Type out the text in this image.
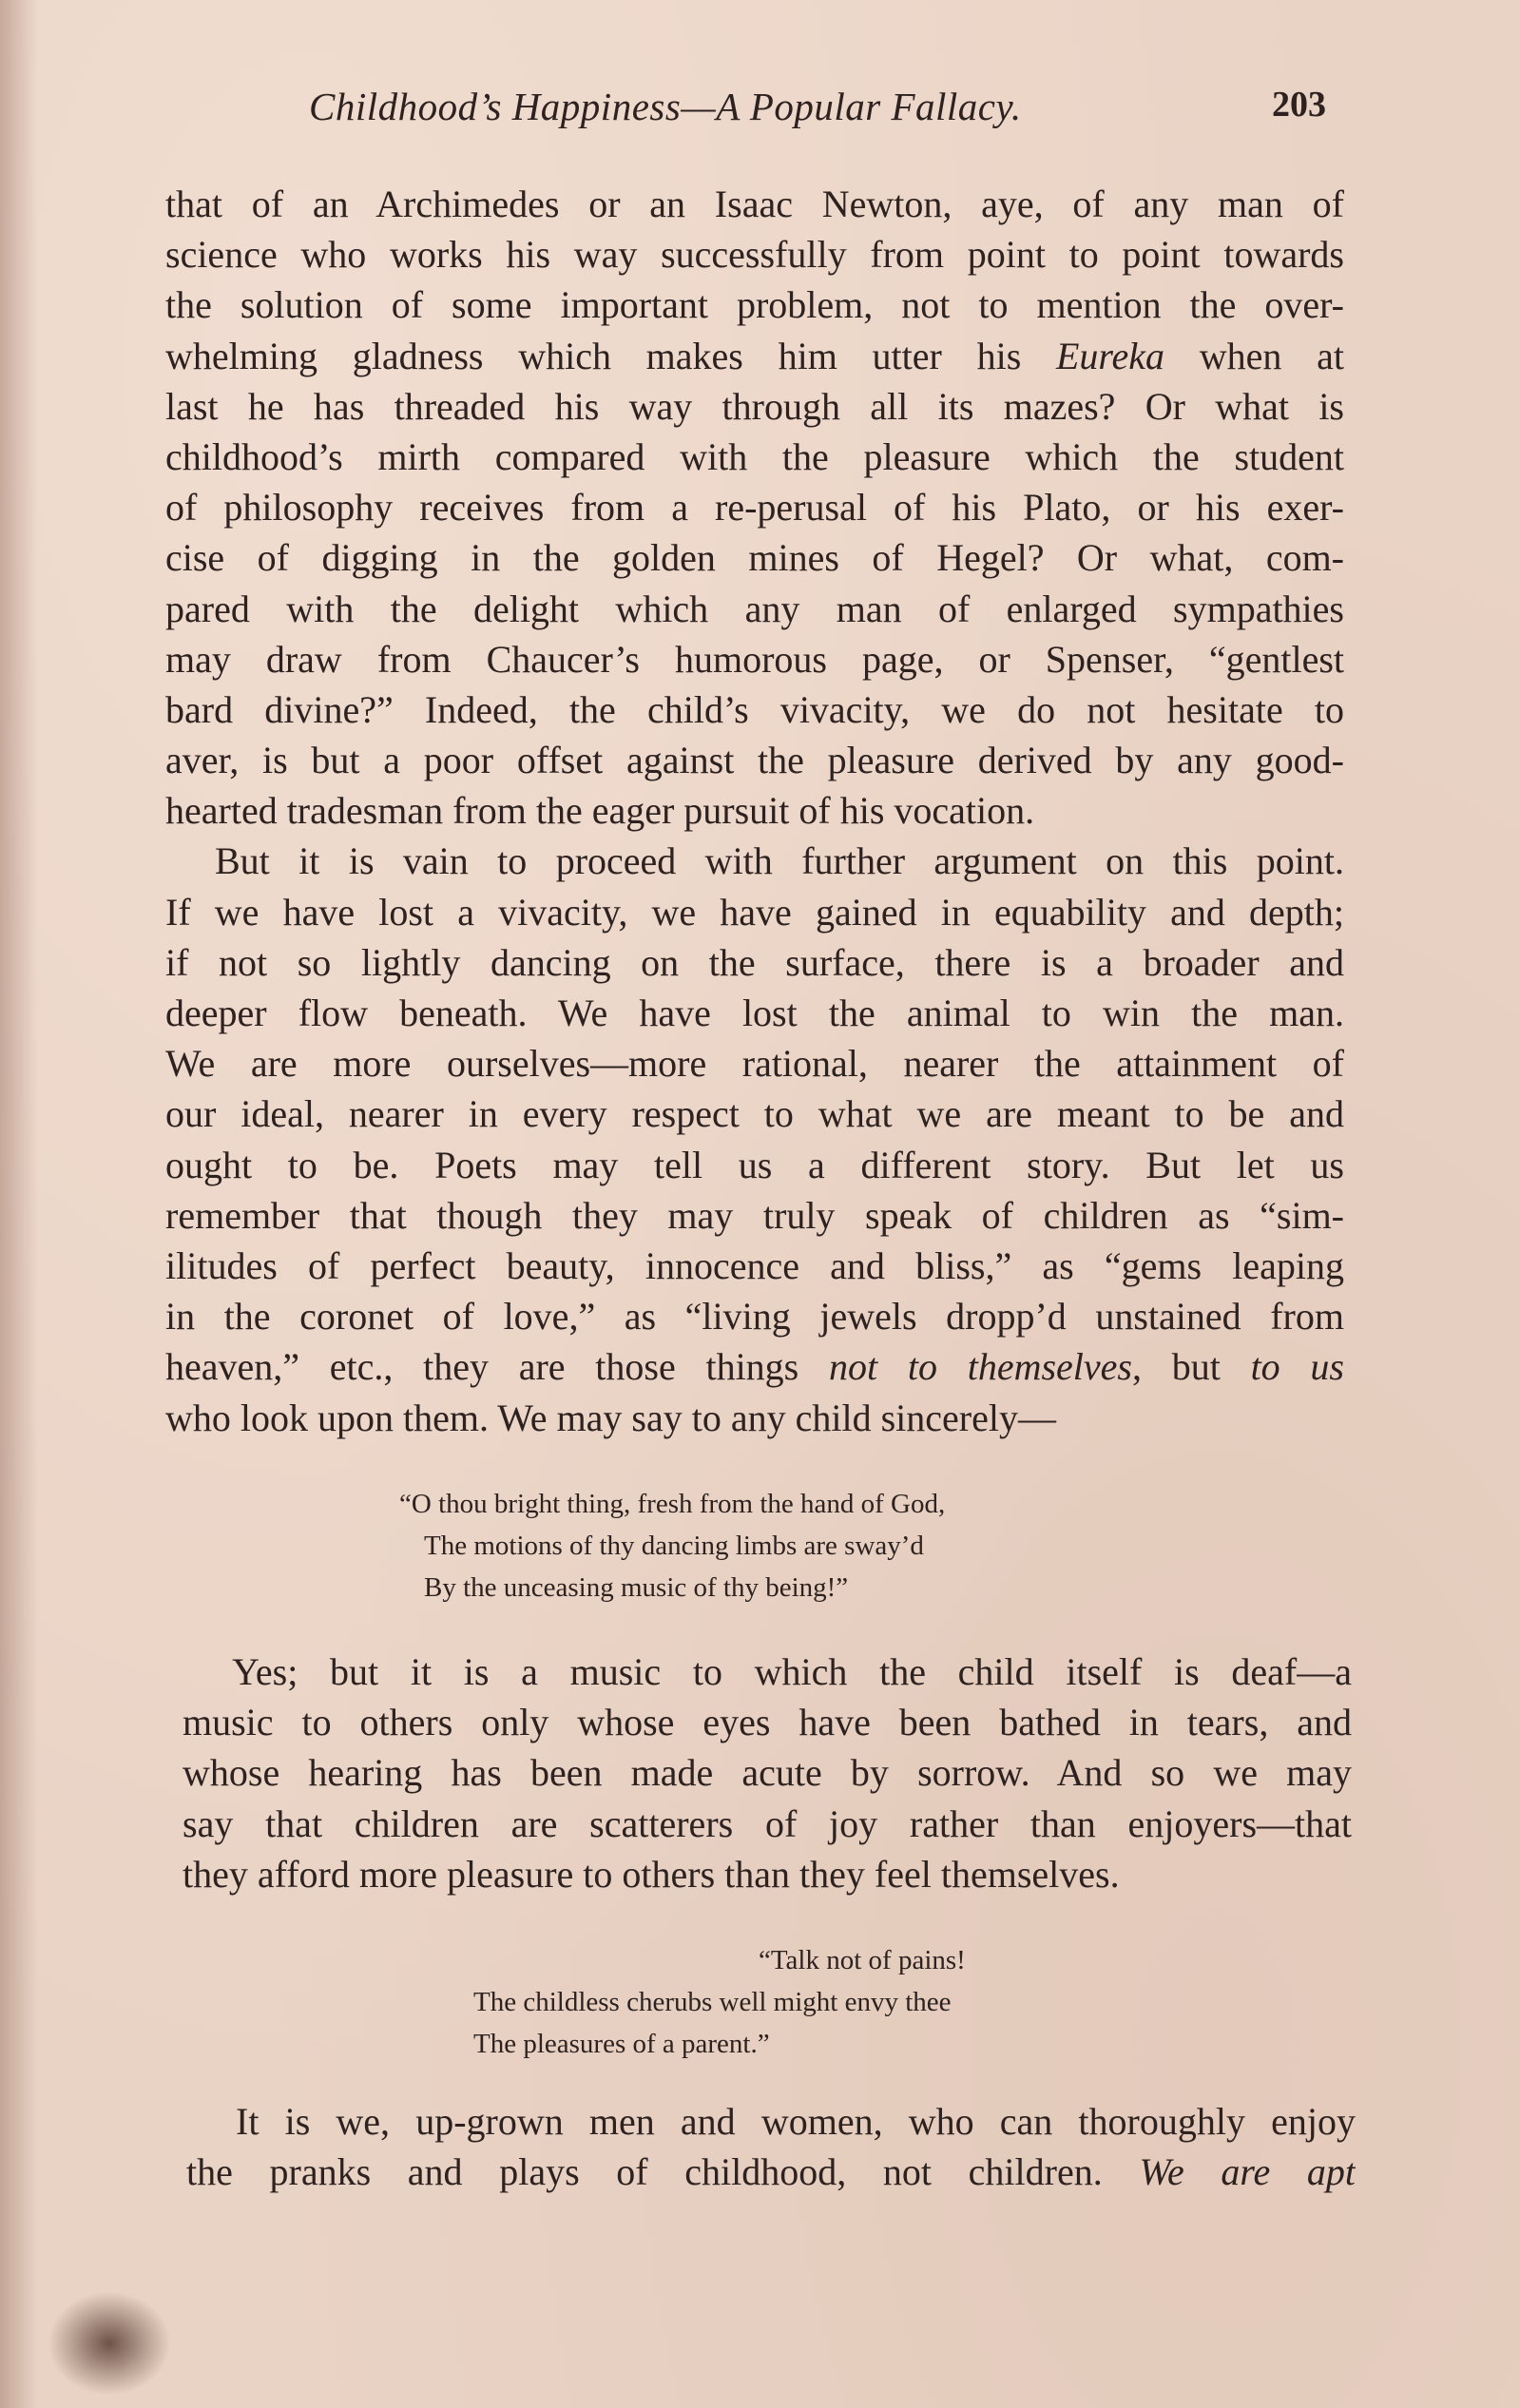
Childhood’s Happiness—A Popular Fallacy.	203
that of an Archimedes or an Isaac Newton, aye, of any man of
science who works his way successfully from point to point towards
the solution of some important problem, not to mention the over-
whelming gladness which makes him utter his Eureka when at
last he has threaded his way through all its mazes? Or what is
childhood’s mirth compared with the pleasure which the student
of philosophy receives from a re-perusal of his Plato, or his exer-
cise of digging in the golden mines of Hegel? Or what, com-
pared with the delight which any man of enlarged sympathies
may draw from Chaucer’s humorous page, or Spenser, “gentlest
bard divine?” Indeed, the child’s vivacity, we do not hesitate to
aver, is but a poor offset against the pleasure derived by any good-
hearted tradesman from the eager pursuit of his vocation.
But it is vain to proceed with further argument on this point.
If we have lost a vivacity, we have gained in equability and depth;
if not so lightly dancing on the surface, there is a broader and
deeper flow beneath. We have lost the animal to win the man.
We are more ourselves—more rational, nearer the attainment of
our ideal, nearer in every respect to what we are meant to be and
ought to be. Poets may tell us a different story. But let us
remember that though they may truly speak of children as “sim-
ilitudes of perfect beauty, innocence and bliss,” as “gems leaping
in the coronet of love,” as “living jewels dropp’d unstained from
heaven,” etc., they are those things not to themselves, but to us
who look upon them. We may say to any child sincerely—
“O thou bright thing, fresh from the hand of God,
The motions of thy dancing limbs are sway’d
By the unceasing music of thy being!”
Yes; but it is a music to which the child itself is deaf—a
music to others only whose eyes have been bathed in tears, and
whose hearing has been made acute by sorrow. And so we may
say that children are scatterers of joy rather than enjoyers—that
they afford more pleasure to others than they feel themselves.
“Talk not of pains!
The childless cherubs well might envy thee
The pleasures of a parent.”
It is we, up-grown men and women, who can thoroughly enjoy
the pranks and plays of childhood, not children. We are apt
